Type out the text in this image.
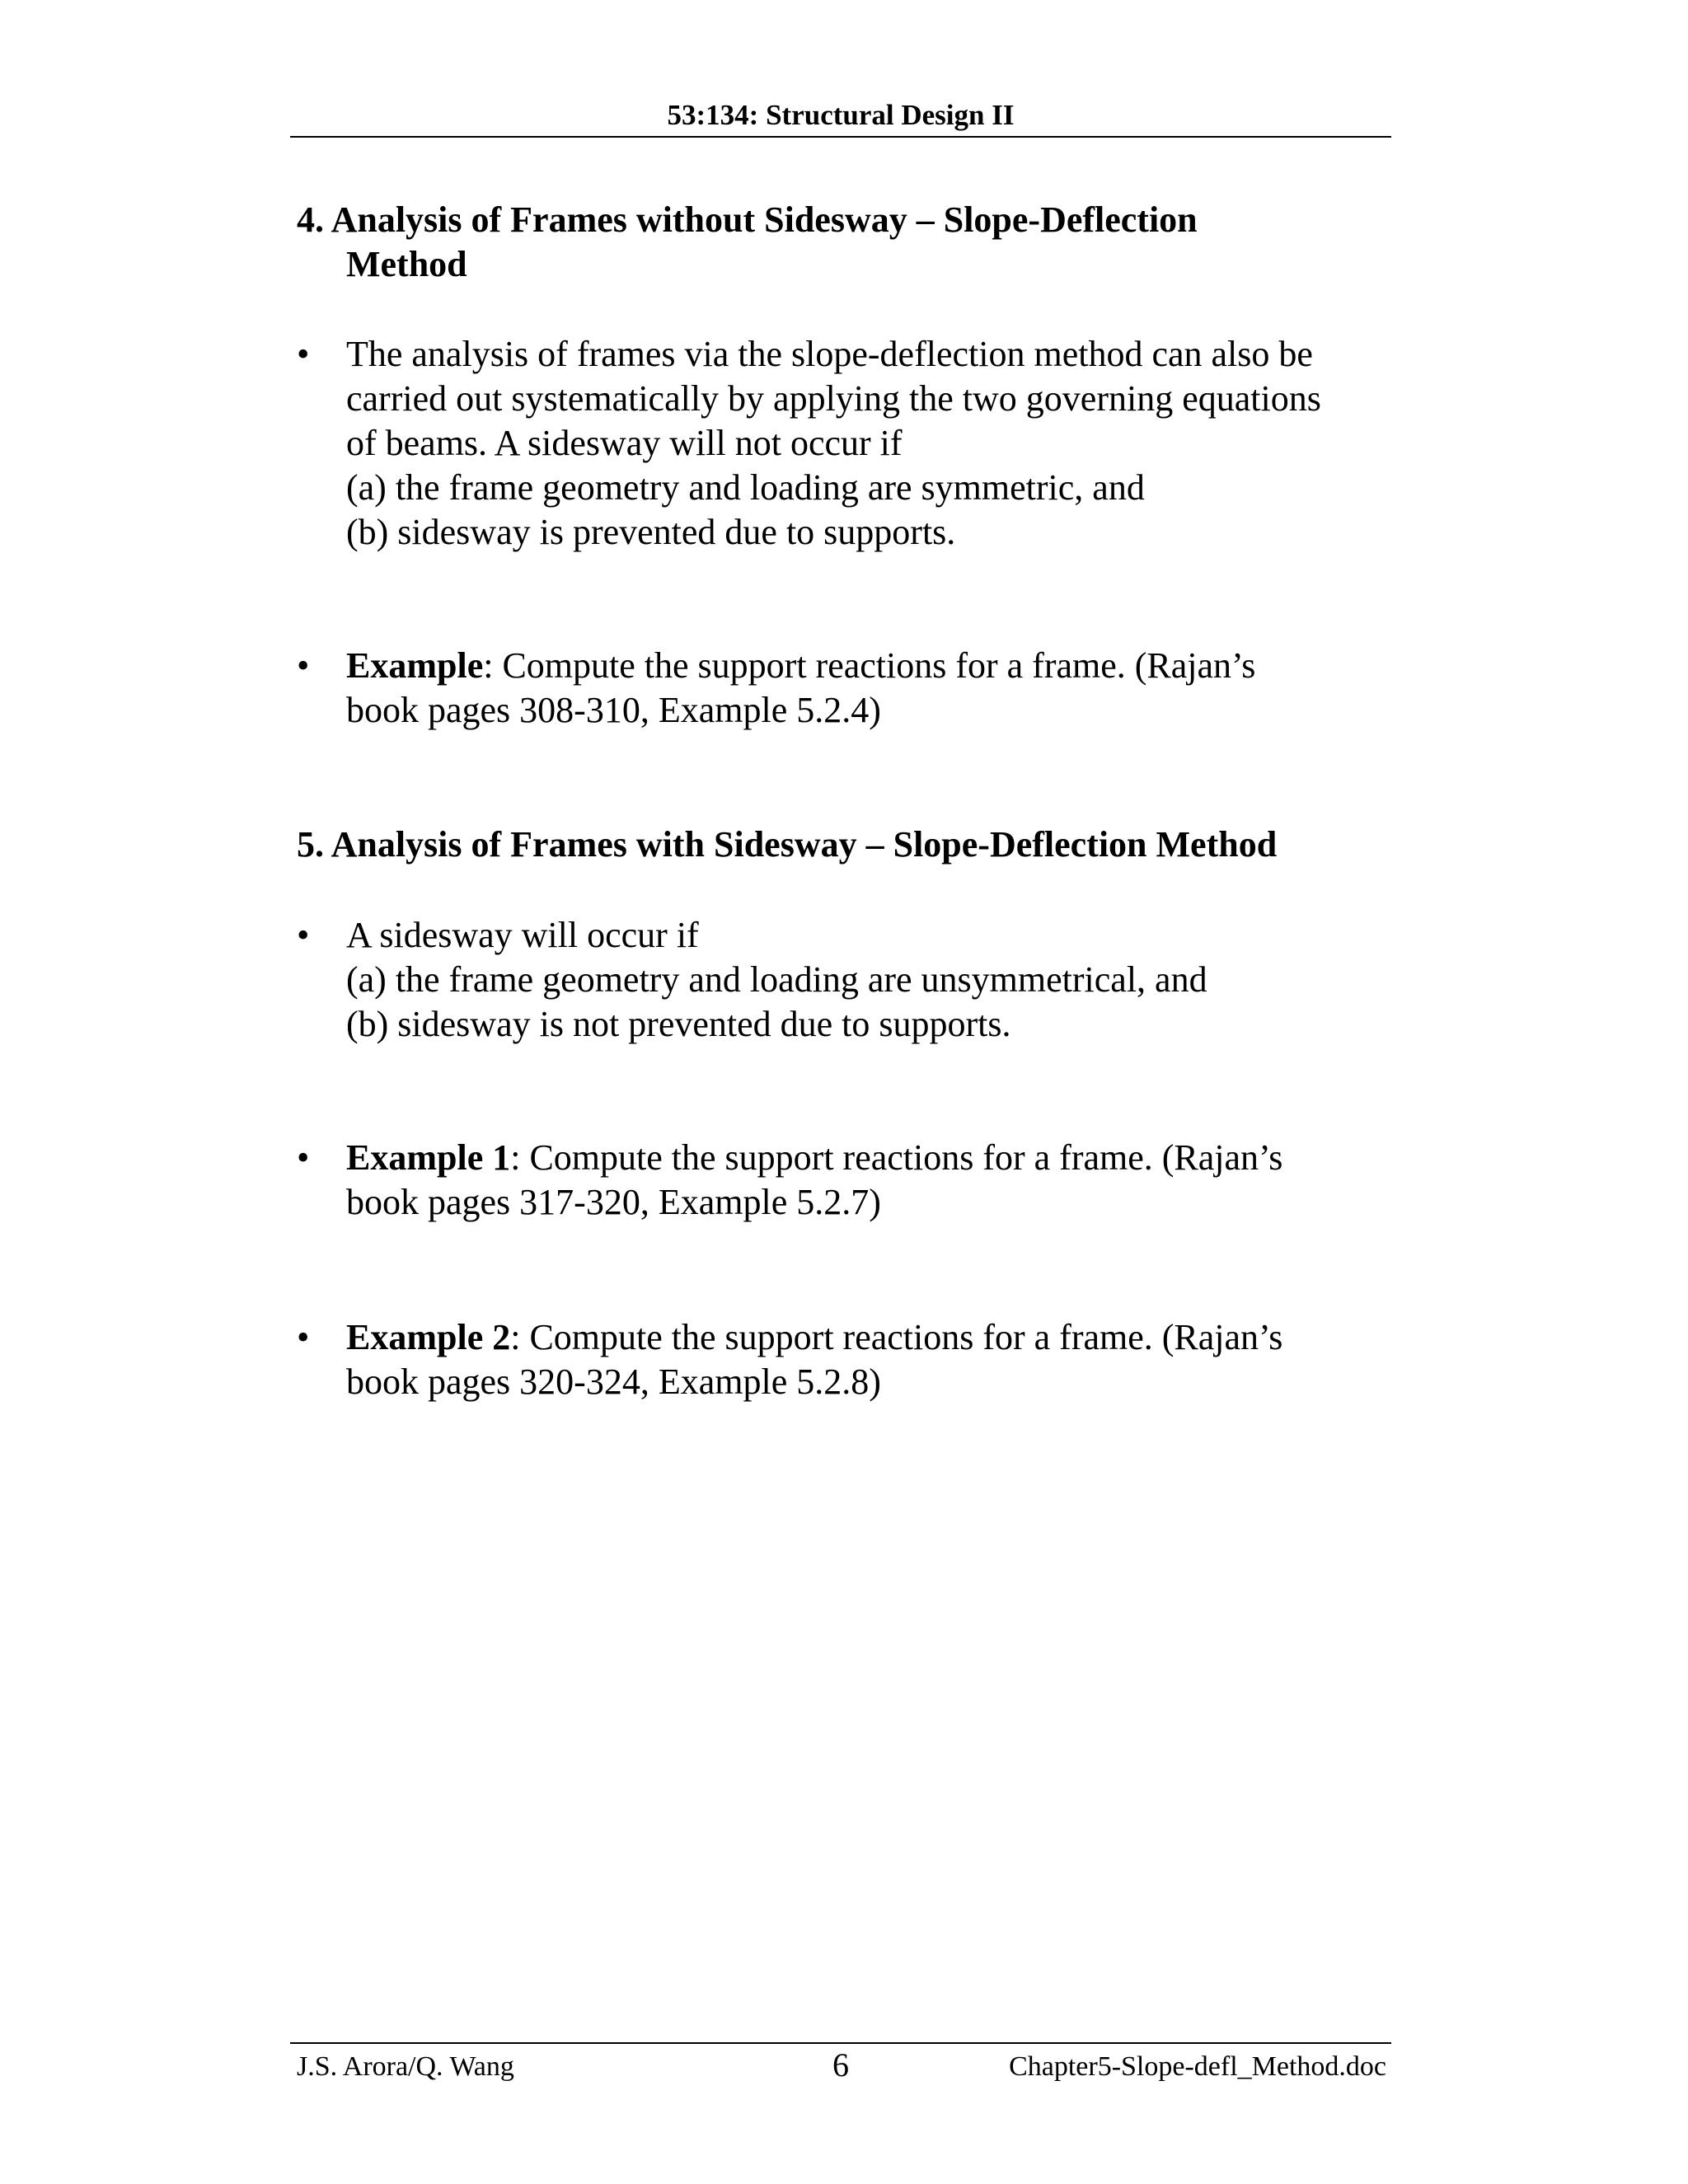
53:134: Structural Design II
4. Analysis of Frames without Sidesway – Slope-Deflection
Method
•	The analysis of frames via the slope-deflection method can also be
carried out systematically by applying the two governing equations
of beams. A sidesway will not occur if
(a) the frame geometry and loading are symmetric, and
(b) sidesway is prevented due to supports.
•	Example: Compute the support reactions for a frame. (Rajan’s
book pages 308-310, Example 5.2.4)
5. Analysis of Frames with Sidesway – Slope-Deflection Method
•	A sidesway will occur if
(a) the frame geometry and loading are unsymmetrical, and
(b) sidesway is not prevented due to supports.
•	Example 1: Compute the support reactions for a frame. (Rajan’s
book pages 317-320, Example 5.2.7)
•	Example 2: Compute the support reactions for a frame. (Rajan’s
book pages 320-324, Example 5.2.8)
J.S. Arora/Q. Wang	6	Chapter5-Slope-defl_Method.doc
